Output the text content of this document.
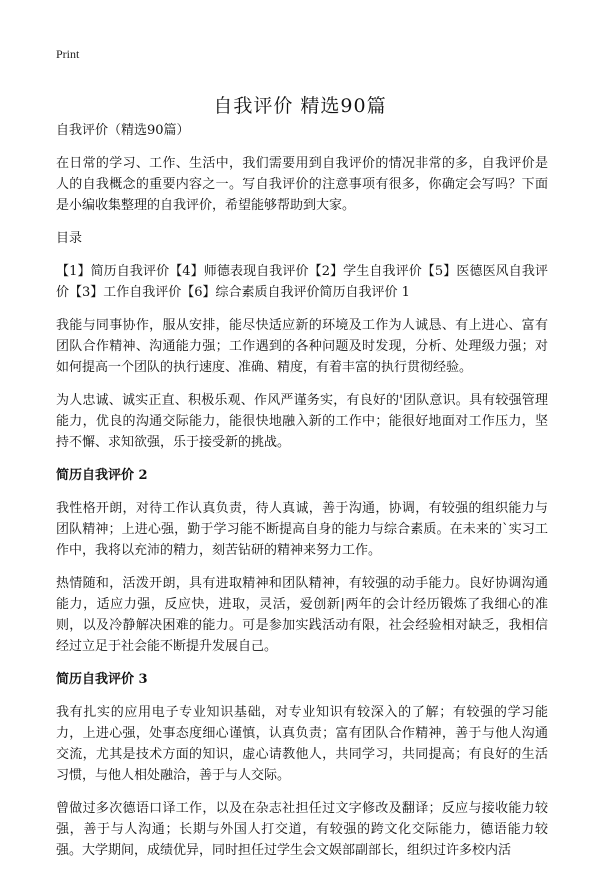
Print
自我评价 精选90篇
自我评价（精选90篇）

在日常的学习、工作、生活中，我们需要用到自我评价的情况非常的多，自我评价是人的自我概念的重要内容之一。写自我评价的注意事项有很多，你确定会写吗？下面是小编收集整理的自我评价，希望能够帮助到大家。

目录

【1】简历自我评价【4】师德表现自我评价【2】学生自我评价【5】医德医风自我评价【3】工作自我评价【6】综合素质自我评价简历自我评价 1

我能与同事协作，服从安排，能尽快适应新的环境及工作为人诚恳、有上进心、富有团队合作精神、沟通能力强；工作遇到的各种问题及时发现，分析、处理级力强；对如何提高一个团队的执行速度、准确、精度，有着丰富的执行贯彻经验。

为人忠诚、诚实正直、积极乐观、作风严谨务实，有良好的'团队意识。具有较强管理能力，优良的沟通交际能力，能很快地融入新的工作中；能很好地面对工作压力，坚持不懈、求知欲强，乐于接受新的挑战。

简历自我评价 2

我性格开朗，对待工作认真负责，待人真诚，善于沟通，协调，有较强的组织能力与团队精神；上进心强，勤于学习能不断提高自身的能力与综合素质。在未来的`实习工作中，我将以充沛的精力，刻苦钻研的精神来努力工作。

热情随和，活泼开朗，具有进取精神和团队精神，有较强的动手能力。良好协调沟通能力，适应力强，反应快，进取，灵活，爱创新|两年的会计经历锻炼了我细心的准则，以及冷静解决困难的能力。可是参加实践活动有限，社会经验相对缺乏，我相信经过立足于社会能不断提升发展自己。

简历自我评价 3

我有扎实的应用电子专业知识基础，对专业知识有较深入的了解；有较强的学习能力，上进心强，处事态度细心谨慎，认真负责；富有团队合作精神，善于与他人沟通交流，尤其是技术方面的知识，虚心请教他人，共同学习，共同提高；有良好的生活习惯，与他人相处融洽，善于与人交际。

曾做过多次德语口译工作，以及在杂志社担任过文字修改及翻译；反应与接收能力较强，善于与人沟通；长期与外国人打交道，有较强的跨文化交际能力，德语能力较强。大学期间，成绩优异，同时担任过学生会文娱部副部长，组织过许多校内活
